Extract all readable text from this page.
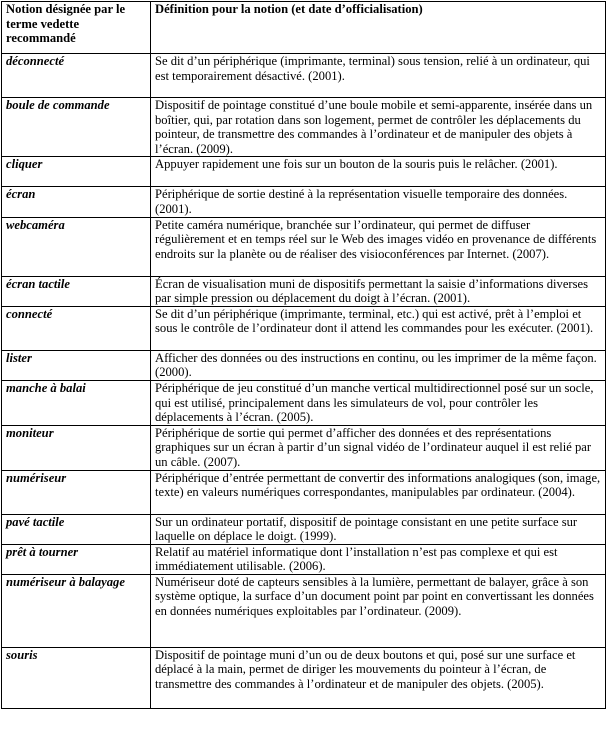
Notion désignée par le terme vedette recommandé	Définition pour la notion (et date d’officialisation)
déconnecté	Se dit d’un périphérique (imprimante, terminal) sous tension, relié à un ordinateur, qui est temporairement désactivé. (2001).
boule de commande	Dispositif de pointage constitué d’une boule mobile et semi-apparente, insérée dans un boîtier, qui, par rotation dans son logement, permet de contrôler les déplacements du pointeur, de transmettre des commandes à l’ordinateur et de manipuler des objets à l’écran. (2009).
cliquer	Appuyer rapidement une fois sur un bouton de la souris puis le relâcher. (2001).
écran	Périphérique de sortie destiné à la représentation visuelle temporaire des données. (2001).
webcaméra	Petite caméra numérique, branchée sur l’ordinateur, qui permet de diffuser régulièrement et en temps réel sur le Web des images vidéo en provenance de différents endroits sur la planète ou de réaliser des visioconférences par Internet. (2007).
écran tactile	Écran de visualisation muni de dispositifs permettant la saisie d’informations diverses par simple pression ou déplacement du doigt à l’écran. (2001).
connecté	Se dit d’un périphérique (imprimante, terminal, etc.) qui est activé, prêt à l’emploi et sous le contrôle de l’ordinateur dont il attend les commandes pour les exécuter. (2001).
lister	Afficher des données ou des instructions en continu, ou les imprimer de la même façon. (2000).
manche à balai	Périphérique de jeu constitué d’un manche vertical multidirectionnel posé sur un socle, qui est utilisé, principalement dans les simulateurs de vol, pour contrôler les déplacements à l’écran. (2005).
moniteur	Périphérique de sortie qui permet d’afficher des données et des représentations graphiques sur un écran à partir d’un signal vidéo de l’ordinateur auquel il est relié par un câble. (2007).
numériseur	Périphérique d’entrée permettant de convertir des informations analogiques (son, image, texte) en valeurs numériques correspondantes, manipulables par ordinateur. (2004).
pavé tactile	Sur un ordinateur portatif, dispositif de pointage consistant en une petite surface sur laquelle on déplace le doigt. (1999).
prêt à tourner	Relatif au matériel informatique dont l’installation n’est pas complexe et qui est immédiatement utilisable. (2006).
numériseur à balayage	Numériseur doté de capteurs sensibles à la lumière, permettant de balayer, grâce à son système optique, la surface d’un document point par point en convertissant les données en données numériques exploitables par l’ordinateur. (2009).
souris	Dispositif de pointage muni d’un ou de deux boutons et qui, posé sur une surface et déplacé à la main, permet de diriger les mouvements du pointeur à l’écran, de transmettre des commandes à l’ordinateur et de manipuler des objets. (2005).
